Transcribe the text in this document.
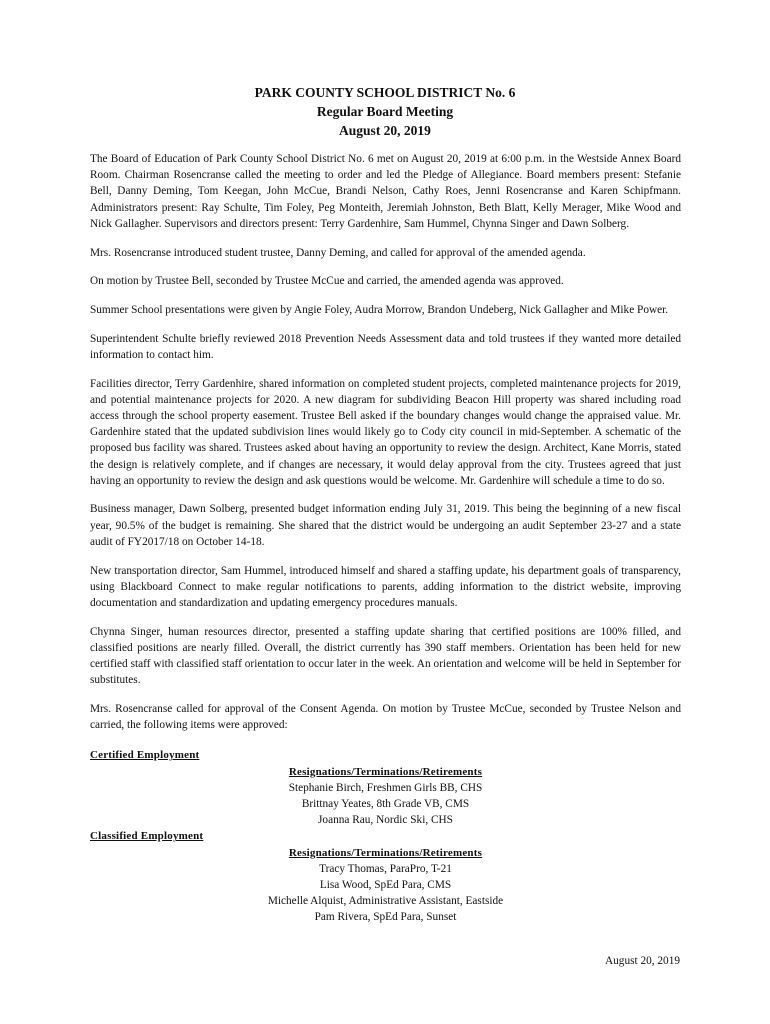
PARK COUNTY SCHOOL DISTRICT No. 6
Regular Board Meeting
August 20, 2019

The Board of Education of Park County School District No. 6 met on August 20, 2019 at 6:00 p.m. in the Westside Annex Board Room. Chairman Rosencranse called the meeting to order and led the Pledge of Allegiance. Board members present: Stefanie Bell, Danny Deming, Tom Keegan, John McCue, Brandi Nelson, Cathy Roes, Jenni Rosencranse and Karen Schipfmann. Administrators present: Ray Schulte, Tim Foley, Peg Monteith, Jeremiah Johnston, Beth Blatt, Kelly Merager, Mike Wood and Nick Gallagher. Supervisors and directors present: Terry Gardenhire, Sam Hummel, Chynna Singer and Dawn Solberg.

Mrs. Rosencranse introduced student trustee, Danny Deming, and called for approval of the amended agenda.

On motion by Trustee Bell, seconded by Trustee McCue and carried, the amended agenda was approved.

Summer School presentations were given by Angie Foley, Audra Morrow, Brandon Undeberg, Nick Gallagher and Mike Power.

Superintendent Schulte briefly reviewed 2018 Prevention Needs Assessment data and told trustees if they wanted more detailed information to contact him.

Facilities director, Terry Gardenhire, shared information on completed student projects, completed maintenance projects for 2019, and potential maintenance projects for 2020. A new diagram for subdividing Beacon Hill property was shared including road access through the school property easement. Trustee Bell asked if the boundary changes would change the appraised value. Mr. Gardenhire stated that the updated subdivision lines would likely go to Cody city council in mid-September. A schematic of the proposed bus facility was shared. Trustees asked about having an opportunity to review the design. Architect, Kane Morris, stated the design is relatively complete, and if changes are necessary, it would delay approval from the city. Trustees agreed that just having an opportunity to review the design and ask questions would be welcome. Mr. Gardenhire will schedule a time to do so.

Business manager, Dawn Solberg, presented budget information ending July 31, 2019. This being the beginning of a new fiscal year, 90.5% of the budget is remaining. She shared that the district would be undergoing an audit September 23-27 and a state audit of FY2017/18 on October 14-18.

New transportation director, Sam Hummel, introduced himself and shared a staffing update, his department goals of transparency, using Blackboard Connect to make regular notifications to parents, adding information to the district website, improving documentation and standardization and updating emergency procedures manuals.

Chynna Singer, human resources director, presented a staffing update sharing that certified positions are 100% filled, and classified positions are nearly filled. Overall, the district currently has 390 staff members. Orientation has been held for new certified staff with classified staff orientation to occur later in the week. An orientation and welcome will be held in September for substitutes.

Mrs. Rosencranse called for approval of the Consent Agenda. On motion by Trustee McCue, seconded by Trustee Nelson and carried, the following items were approved:

Certified Employment
Resignations/Terminations/Retirements
Stephanie Birch, Freshmen Girls BB, CHS
Brittnay Yeates, 8th Grade VB, CMS
Joanna Rau, Nordic Ski, CHS
Classified Employment
Resignations/Terminations/Retirements
Tracy Thomas, ParaPro, T-21
Lisa Wood, SpEd Para, CMS
Michelle Alquist, Administrative Assistant, Eastside
Pam Rivera, SpEd Para, Sunset
August 20, 2019
